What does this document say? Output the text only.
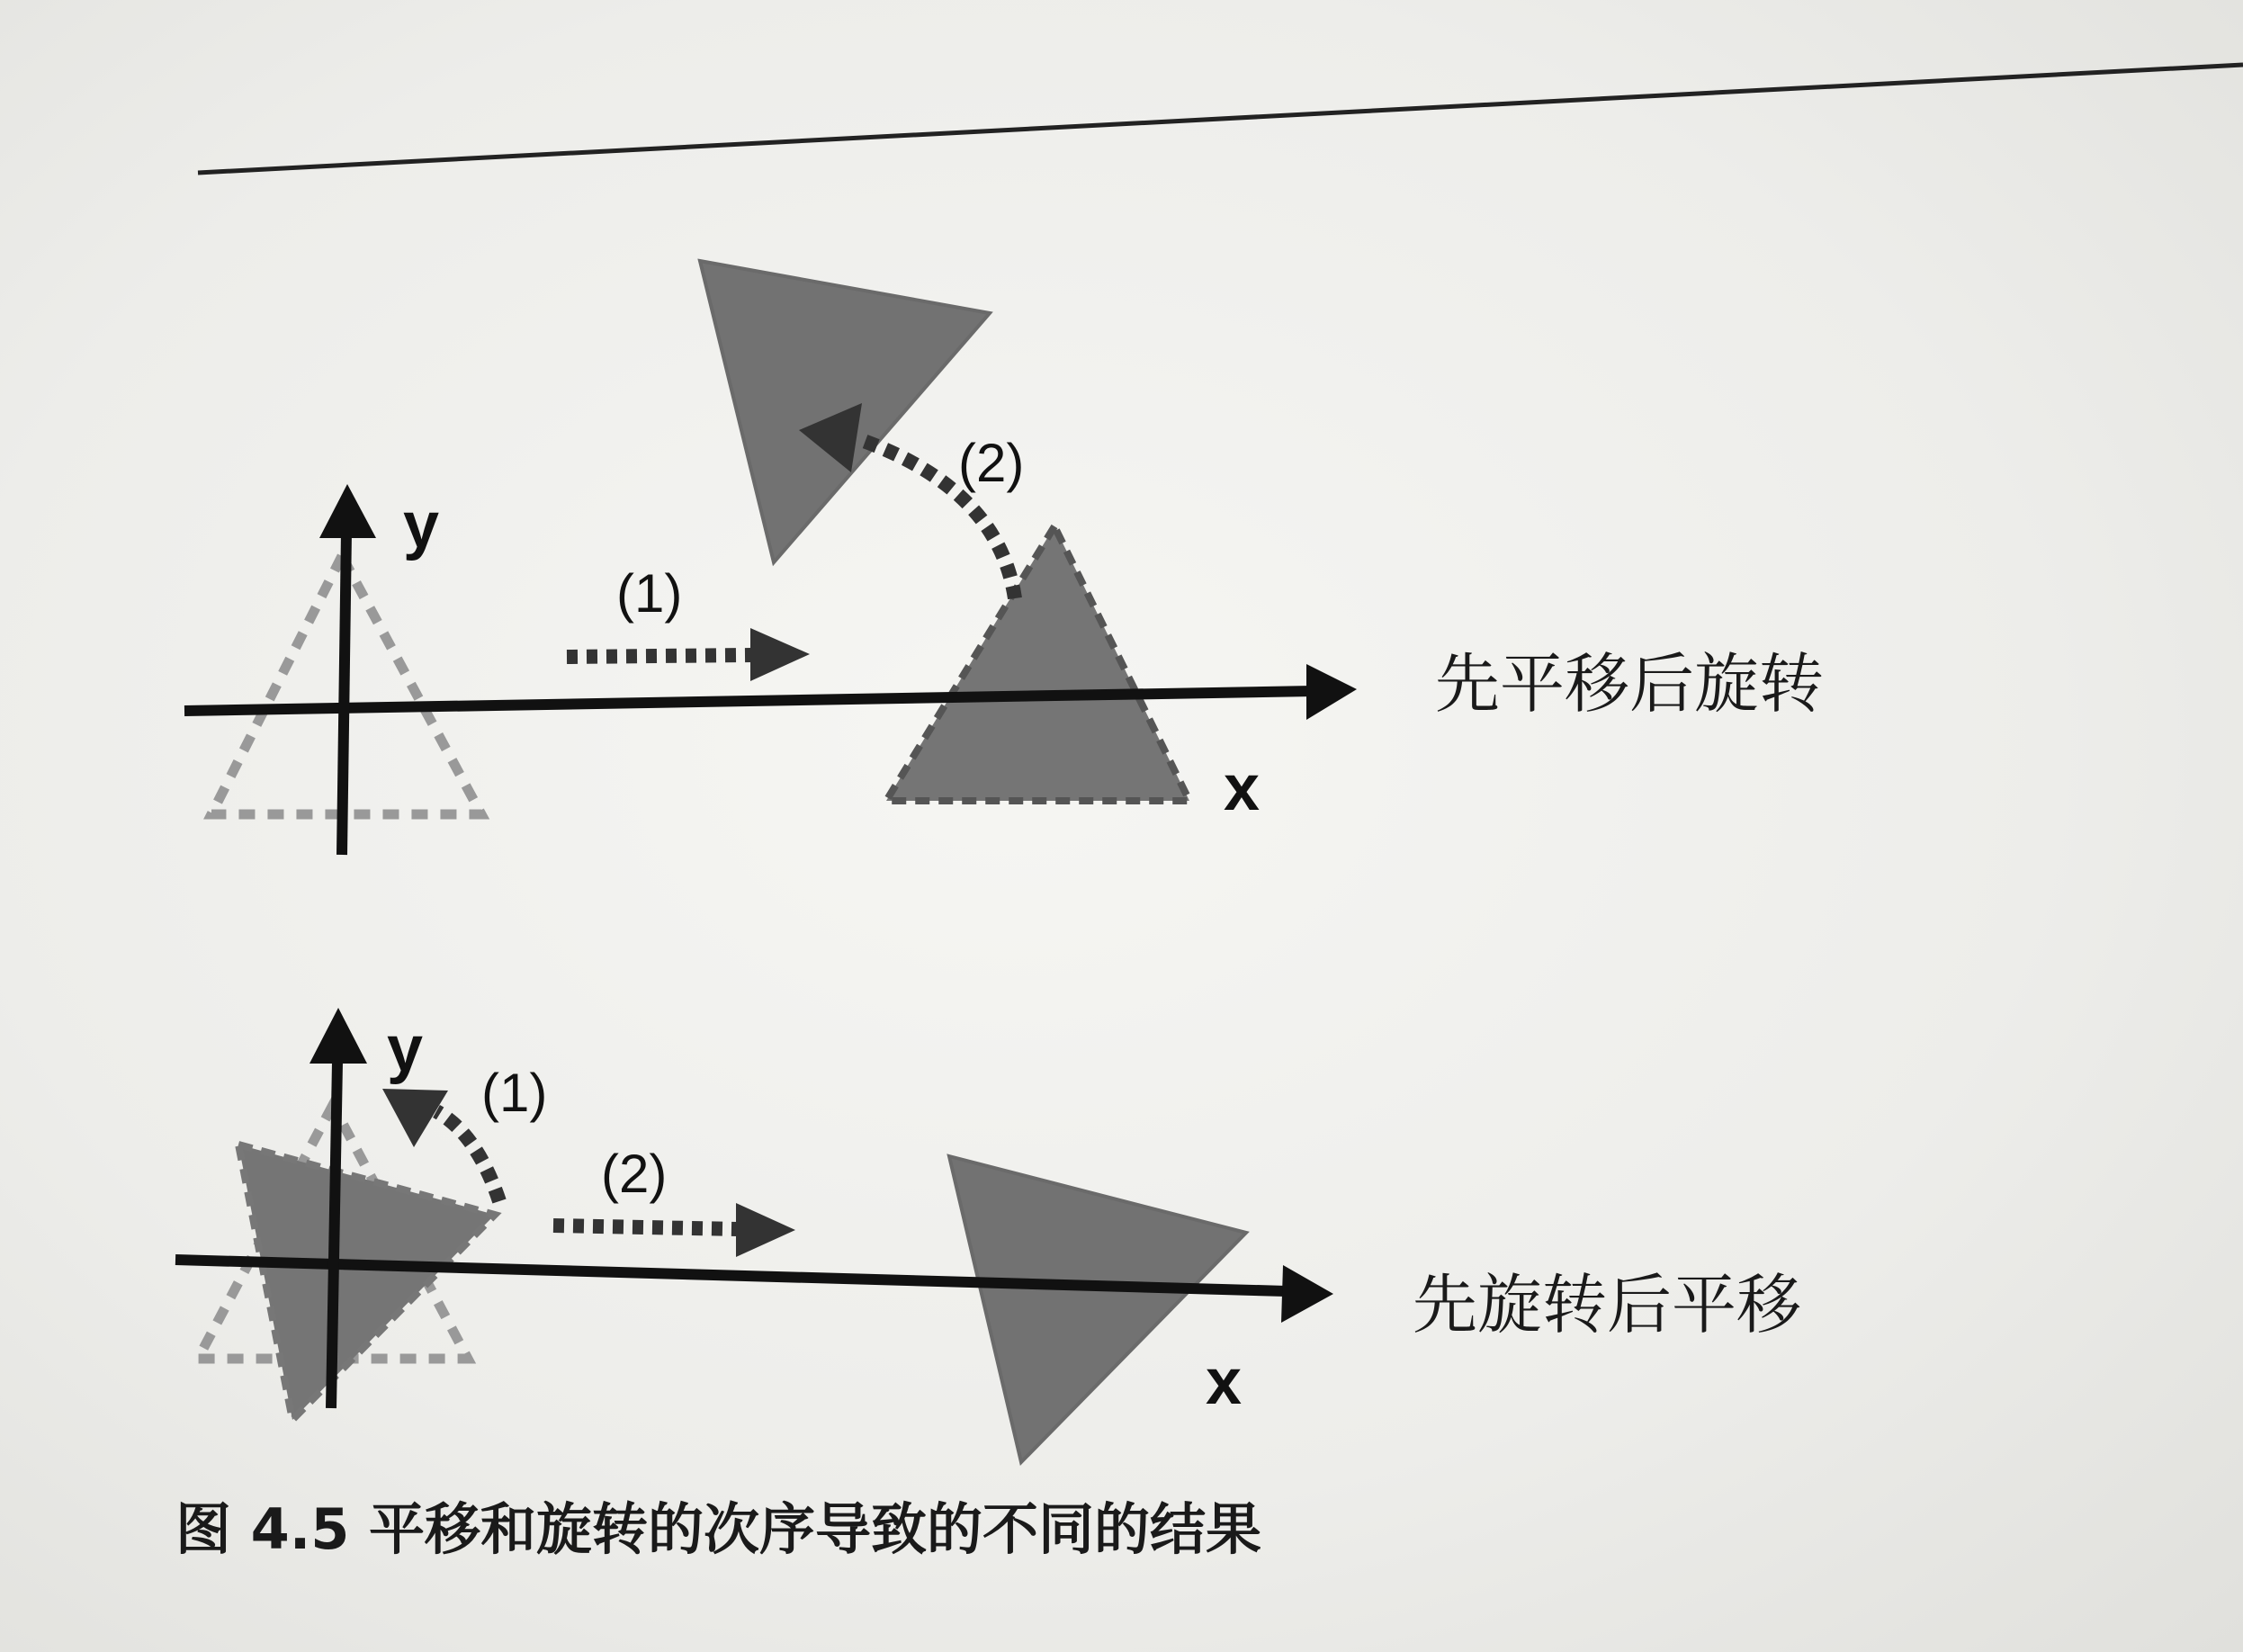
y
x
(1)
(2)
先平移后旋转
y
x
(1)
(2)
先旋转后平移
图 4.5 平移和旋转的次序导致的不同的结果
